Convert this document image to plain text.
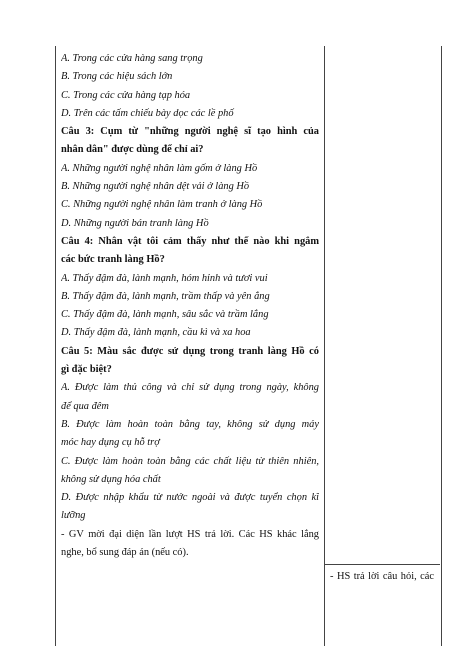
A. Trong các cửa hàng sang trọng
B. Trong các hiệu sách lớn
C. Trong các cửa hàng tạp hóa
D. Trên các tấm chiếu bày dọc các lề phố
Câu 3: Cụm từ "những người nghệ sĩ tạo hình của
nhân dân" được dùng để chỉ ai?
A. Những người nghệ nhân làm gốm ở làng Hồ
B. Những người nghệ nhân dệt vải ở làng Hồ
C. Những người nghệ nhân làm tranh ở làng Hồ
D. Những người bán tranh làng Hồ
Câu 4: Nhân vật tôi cảm thấy như thế nào khi ngắm
các bức tranh làng Hồ?
A. Thấy đậm đà, lành mạnh, hóm hỉnh và tươi vui
B. Thấy đậm đà, lành mạnh, trầm thấp và yên ắng
C. Thấy đậm đà, lành mạnh, sâu sắc và trầm lắng
D. Thấy đậm đà, lành mạnh, cầu kì và xa hoa
Câu 5: Màu sắc được sử dụng trong tranh làng Hồ có
gì đặc biệt?
A. Được làm thủ công và chỉ sử dụng trong ngày, không
để qua đêm
B. Được làm hoàn toàn bằng tay, không sử dụng máy
móc hay dụng cụ hỗ trợ
C. Được làm hoàn toàn bằng các chất liệu từ thiên nhiên,
không sử dụng hóa chất
D. Được nhập khẩu từ nước ngoài và được tuyển chọn kĩ
lưỡng
- GV mời đại diện lần lượt HS trả lời. Các HS khác lắng
nghe, bổ sung đáp án (nếu có).
- HS trả lời câu hỏi, các
